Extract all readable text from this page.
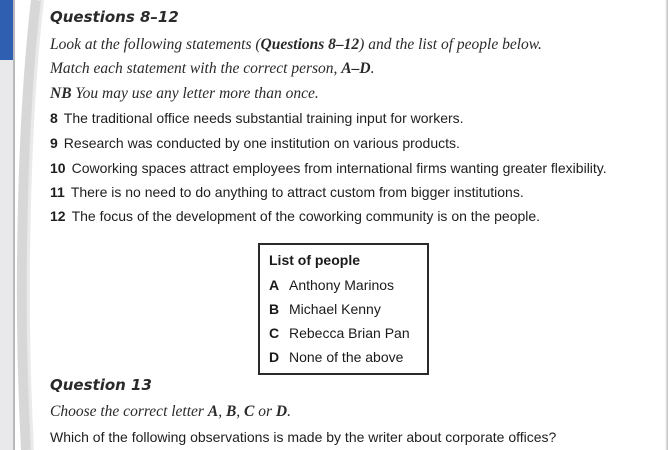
Questions 8–12
Look at the following statements (Questions 8–12) and the list of people below.
Match each statement with the correct person, A–D.
NB You may use any letter more than once.
8 The traditional office needs substantial training input for workers.
9 Research was conducted by one institution on various products.
10 Coworking spaces attract employees from international firms wanting greater flexibility.
11 There is no need to do anything to attract custom from bigger institutions.
12 The focus of the development of the coworking community is on the people.
List of people
A Anthony Marinos
B Michael Kenny
C Rebecca Brian Pan
D None of the above
Question 13
Choose the correct letter A, B, C or D.
Which of the following observations is made by the writer about corporate offices?
